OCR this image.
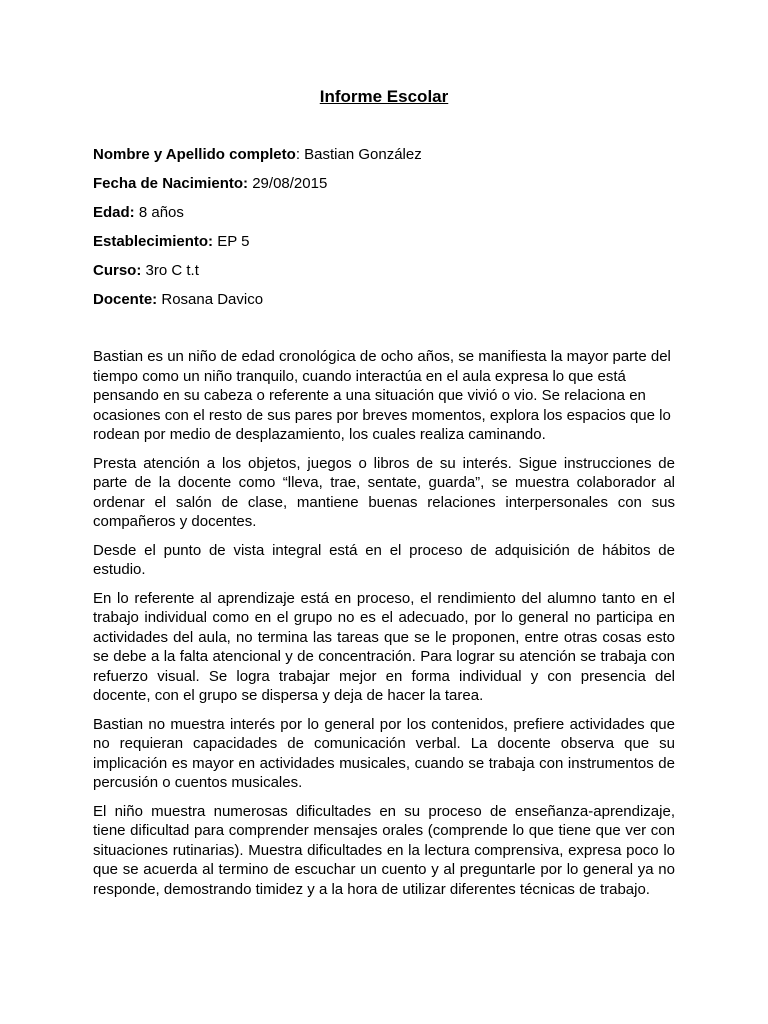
Informe Escolar

Nombre y Apellido completo: Bastian González

Fecha de Nacimiento: 29/08/2015

Edad: 8 años

Establecimiento: EP 5

Curso: 3ro C t.t

Docente: Rosana Davico

Bastian es un niño de edad cronológica de ocho años, se manifiesta la mayor parte del tiempo como un niño tranquilo, cuando interactúa en el aula expresa lo que está pensando en su cabeza o referente a una situación que vivió o vio. Se relaciona en ocasiones con el resto de sus pares por breves momentos, explora los espacios que lo rodean por medio de desplazamiento, los cuales realiza caminando.

Presta atención a los objetos, juegos o libros de su interés. Sigue instrucciones de parte de la docente como “lleva, trae, sentate, guarda”, se muestra colaborador al ordenar el salón de clase, mantiene buenas relaciones interpersonales con sus compañeros y docentes.

Desde el punto de vista integral está en el proceso de adquisición de hábitos de estudio.

En lo referente al aprendizaje está en proceso, el rendimiento del alumno tanto en el trabajo individual como en el grupo no es el adecuado, por lo general no participa en actividades del aula, no termina las tareas que se le proponen, entre otras cosas esto se debe a la falta atencional y de concentración. Para lograr su atención se trabaja con refuerzo visual. Se logra trabajar mejor en forma individual y con presencia del docente, con el grupo se dispersa y deja de hacer la tarea.

Bastian no muestra interés por lo general por los contenidos, prefiere actividades que no requieran capacidades de comunicación verbal. La docente observa que su implicación es mayor en actividades musicales, cuando se trabaja con instrumentos de percusión o cuentos musicales.

El niño muestra numerosas dificultades en su proceso de enseñanza-aprendizaje, tiene dificultad para comprender mensajes orales (comprende lo que tiene que ver con situaciones rutinarias). Muestra dificultades en la lectura comprensiva, expresa poco lo que se acuerda al termino de escuchar un cuento y al preguntarle por lo general ya no responde, demostrando timidez y a la hora de utilizar diferentes técnicas de trabajo.
